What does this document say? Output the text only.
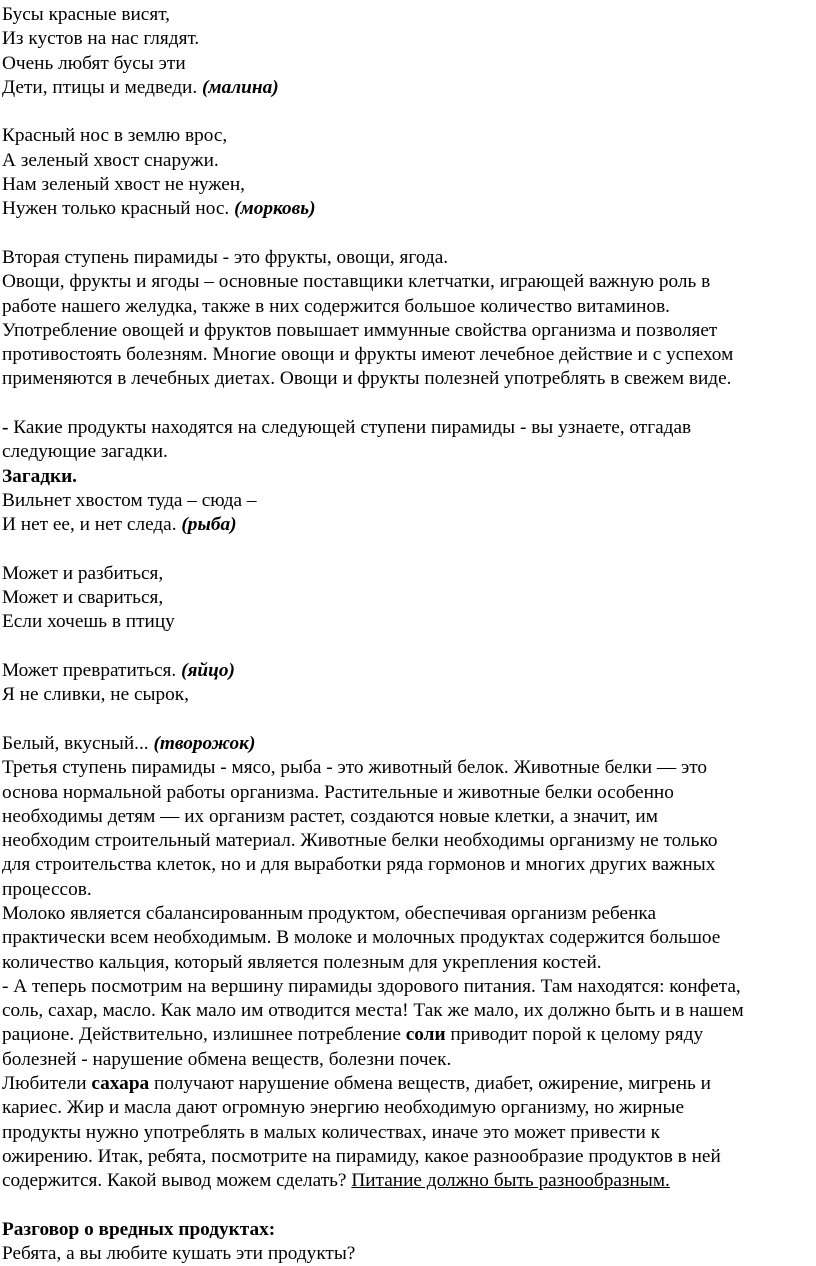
Бусы красные висят,
Из кустов на нас глядят.
Очень любят бусы эти
Дети, птицы и медведи. (малина)
Красный нос в землю врос,
А зеленый хвост снаружи.
Нам зеленый хвост не нужен,
Нужен только красный нос. (морковь)
Вторая ступень пирамиды - это фрукты, овощи, ягода.
Овощи, фрукты и ягоды – основные поставщики клетчатки, играющей важную роль в
работе нашего желудка, также в них содержится большое количество витаминов.
Употребление овощей и фруктов повышает иммунные свойства организма и позволяет
противостоять болезням. Многие овощи и фрукты имеют лечебное действие и с успехом
применяются в лечебных диетах. Овощи и фрукты полезней употреблять в свежем виде.
- Какие продукты находятся на следующей ступени пирамиды - вы узнаете, отгадав
следующие загадки.
Загадки.
Вильнет хвостом туда – сюда –
И нет ее, и нет следа. (рыба)
Может и разбиться,
Может и свариться,
Если хочешь в птицу
Может превратиться. (яйцо)
Я не сливки, не сырок,
Белый, вкусный... (творожок)
Третья ступень пирамиды - мясо, рыба - это животный белок. Животные белки — это
основа нормальной работы организма. Растительные и животные белки особенно
необходимы детям — их организм растет, создаются новые клетки, а значит, им
необходим строительный материал. Животные белки необходимы организму не только
для строительства клеток, но и для выработки ряда гормонов и многих других важных
процессов.
Молоко является сбалансированным продуктом, обеспечивая организм ребенка
практически всем необходимым. В молоке и молочных продуктах содержится большое
количество кальция, который является полезным для укрепления костей.
- А теперь посмотрим на вершину пирамиды здорового питания. Там находятся: конфета,
соль, сахар, масло. Как мало им отводится места! Так же мало, их должно быть и в нашем
рационе. Действительно, излишнее потребление соли приводит порой к целому ряду
болезней - нарушение обмена веществ, болезни почек.
Любители сахара получают нарушение обмена веществ, диабет, ожирение, мигрень и
кариес. Жир и масла дают огромную энергию необходимую организму, но жирные
продукты нужно употреблять в малых количествах, иначе это может привести к
ожирению. Итак, ребята, посмотрите на пирамиду, какое разнообразие продуктов в ней
содержится. Какой вывод можем сделать? Питание должно быть разнообразным.
Разговор о вредных продуктах:
Ребята, а вы любите кушать эти продукты?
